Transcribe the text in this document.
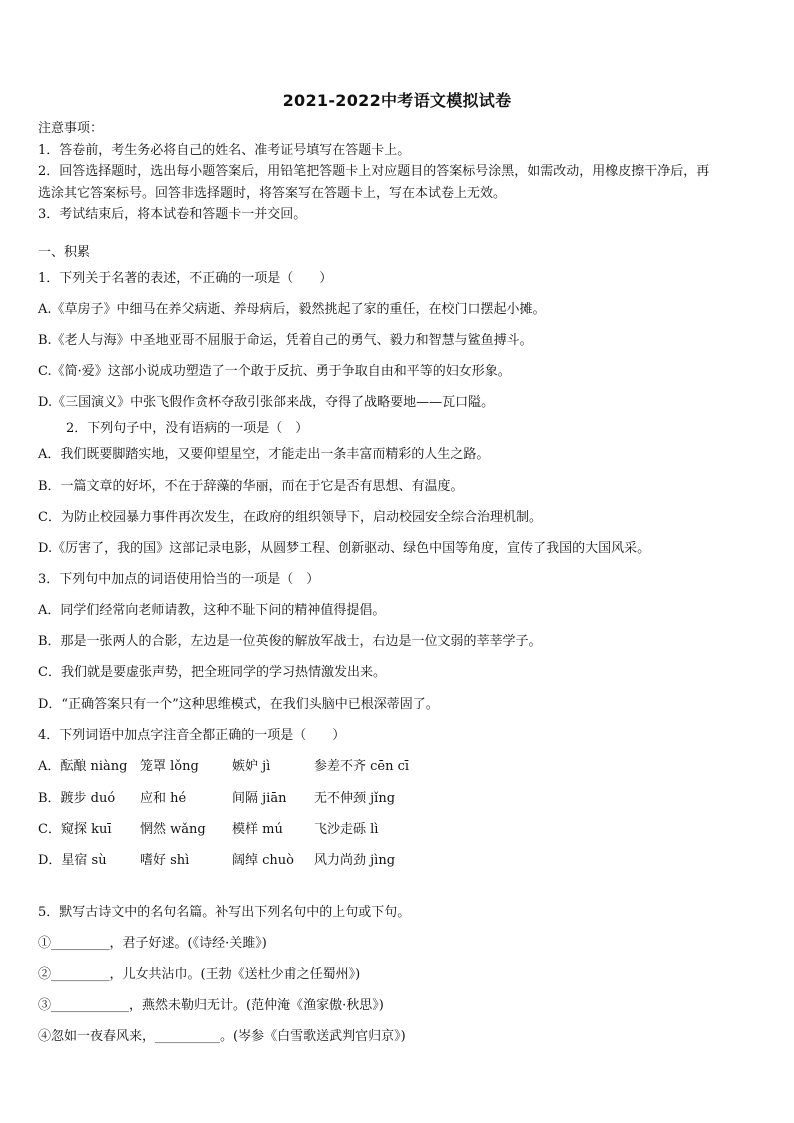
2021-2022中考语文模拟试卷
注意事项：
1．答卷前，考生务必将自己的姓名、准考证号填写在答题卡上。
2．回答选择题时，选出每小题答案后，用铅笔把答题卡上对应题目的答案标号涂黑，如需改动，用橡皮擦干净后，再
选涂其它答案标号。回答非选择题时，将答案写在答题卡上，写在本试卷上无效。
3．考试结束后，将本试卷和答题卡一并交回。
一、积累
1．下列关于名著的表述，不正确的一项是（　　）
A.《草房子》中细马在养父病逝、养母病后，毅然挑起了家的重任，在校门口摆起小摊。
B.《老人与海》中圣地亚哥不屈服于命运，凭着自己的勇气、毅力和智慧与鲨鱼搏斗。
C.《简·爱》这部小说成功塑造了一个敢于反抗、勇于争取自由和平等的妇女形象。
D.《三国演义》中张飞假作贪杯夺敌引张郃来战，夺得了战略要地——瓦口隘。
2．下列句子中，没有语病的一项是（　）
A．我们既要脚踏实地，又要仰望星空，才能走出一条丰富而精彩的人生之路。
B．一篇文章的好坏，不在于辞藻的华丽，而在于它是否有思想、有温度。
C．为防止校园暴力事件再次发生，在政府的组织领导下，启动校园安全综合治理机制。
D.《厉害了，我的国》这部记录电影，从圆梦工程、创新驱动、绿色中国等角度，宣传了我国的大国风采。
3．下列句中加点的词语使用恰当的一项是（　）
A．同学们经常向老师请教，这种不耻下问的精神值得提倡。
B．那是一张两人的合影，左边是一位英俊的解放军战士，右边是一位文弱的莘莘学子。
C．我们就是要虚张声势，把全班同学的学习热情激发出来。
D．“正确答案只有一个”这种思维模式，在我们头脑中已根深蒂固了。
4．下列词语中加点字注音全都正确的一项是（　　）
A．酝酿 niàng 笼罩 lǒng	嫉妒 jì	参差不齐 cēn cī
B．踱步 duó 应和 hé	间隔 jiān 无不伸颈 jǐng
C．窥探 kuī 惘然 wǎng 模样 mú 飞沙走砾 lì
D．星宿 sù	嗜好 shì	阔绰 chuò 风力尚劲 jìng
5．默写古诗文中的名句名篇。补写出下列名句中的上句或下句。
①_________，君子好逑。(《诗经·关雎》)
②_________，儿女共沾巾。(王勃《送杜少甫之任蜀州》)
③____________，燕然未勒归无计。(范仲淹《渔家傲·秋思》)
④忽如一夜春风来，__________。(岑参《白雪歌送武判官归京》)
